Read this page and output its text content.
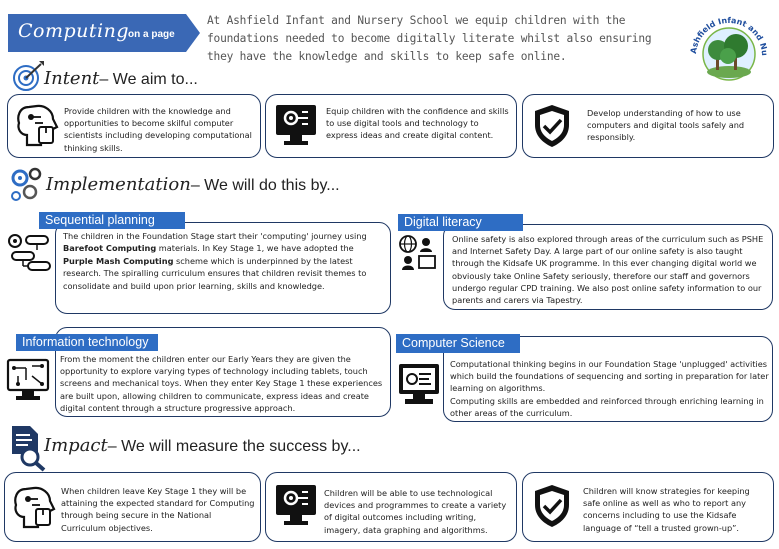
Computing
on a page
At Ashfield Infant and Nursery School we equip children with the foundations needed to become digitally literate whilst also ensuring they have the knowledge and skills to keep safe online.	Ashfield Infant and Nu
Intent – We aim to...
Provide children with the knowledge and opportunities to become skilful computer scientists including developing computational thinking skills.
Equip children with the confidence and skills to use digital tools and technology to express ideas and create digital content.
Develop understanding of how to use computers and digital tools safely and responsibly.
Implementation – We will do this by...
The children in the Foundation Stage start their 'computing' journey using Barefoot Computing materials. In Key Stage 1, we have adopted the Purple Mash Computing scheme which is underpinned by the latest research. The spiralling curriculum ensures that children revisit themes to consolidate and build upon prior learning, skills and knowledge.
Sequential planning
Online safety is also explored through areas of the curriculum such as PSHE and Internet Safety Day. A large part of our online safety is also taught through the Kidsafe UK programme. In this ever changing digital world we obviously take Online Safety seriously, therefore our staff and governors undergo regular CPD training. We also post online safety information to our parents and carers via Tapestry.
Digital literacy
From the moment the children enter our Early Years they are given the opportunity to explore varying types of technology including tablets, touch screens and mechanical toys. When they enter Key Stage 1 these experiences are built upon, allowing children to communicate, express ideas and create digital content through a structure progressive approach.
Information technology
Computational thinking begins in our Foundation Stage 'unplugged' activities which build the foundations of sequencing and sorting in preparation for later learning on algorithms.
Computing skills are embedded and reinforced through enriching learning in other areas of the curriculum.
Computer Science
Impact – We will measure the success by...
When children leave Key Stage 1 they will be attaining the expected standard for Computing through being secure in the National Curriculum objectives.
Children will be able to use technological devices and programmes to create a variety of digital outcomes including writing, imagery, data graphing and algorithms.
Children will know strategies for keeping safe online as well as who to report any concerns including to use the Kidsafe language of “tell a trusted grown-up”.
